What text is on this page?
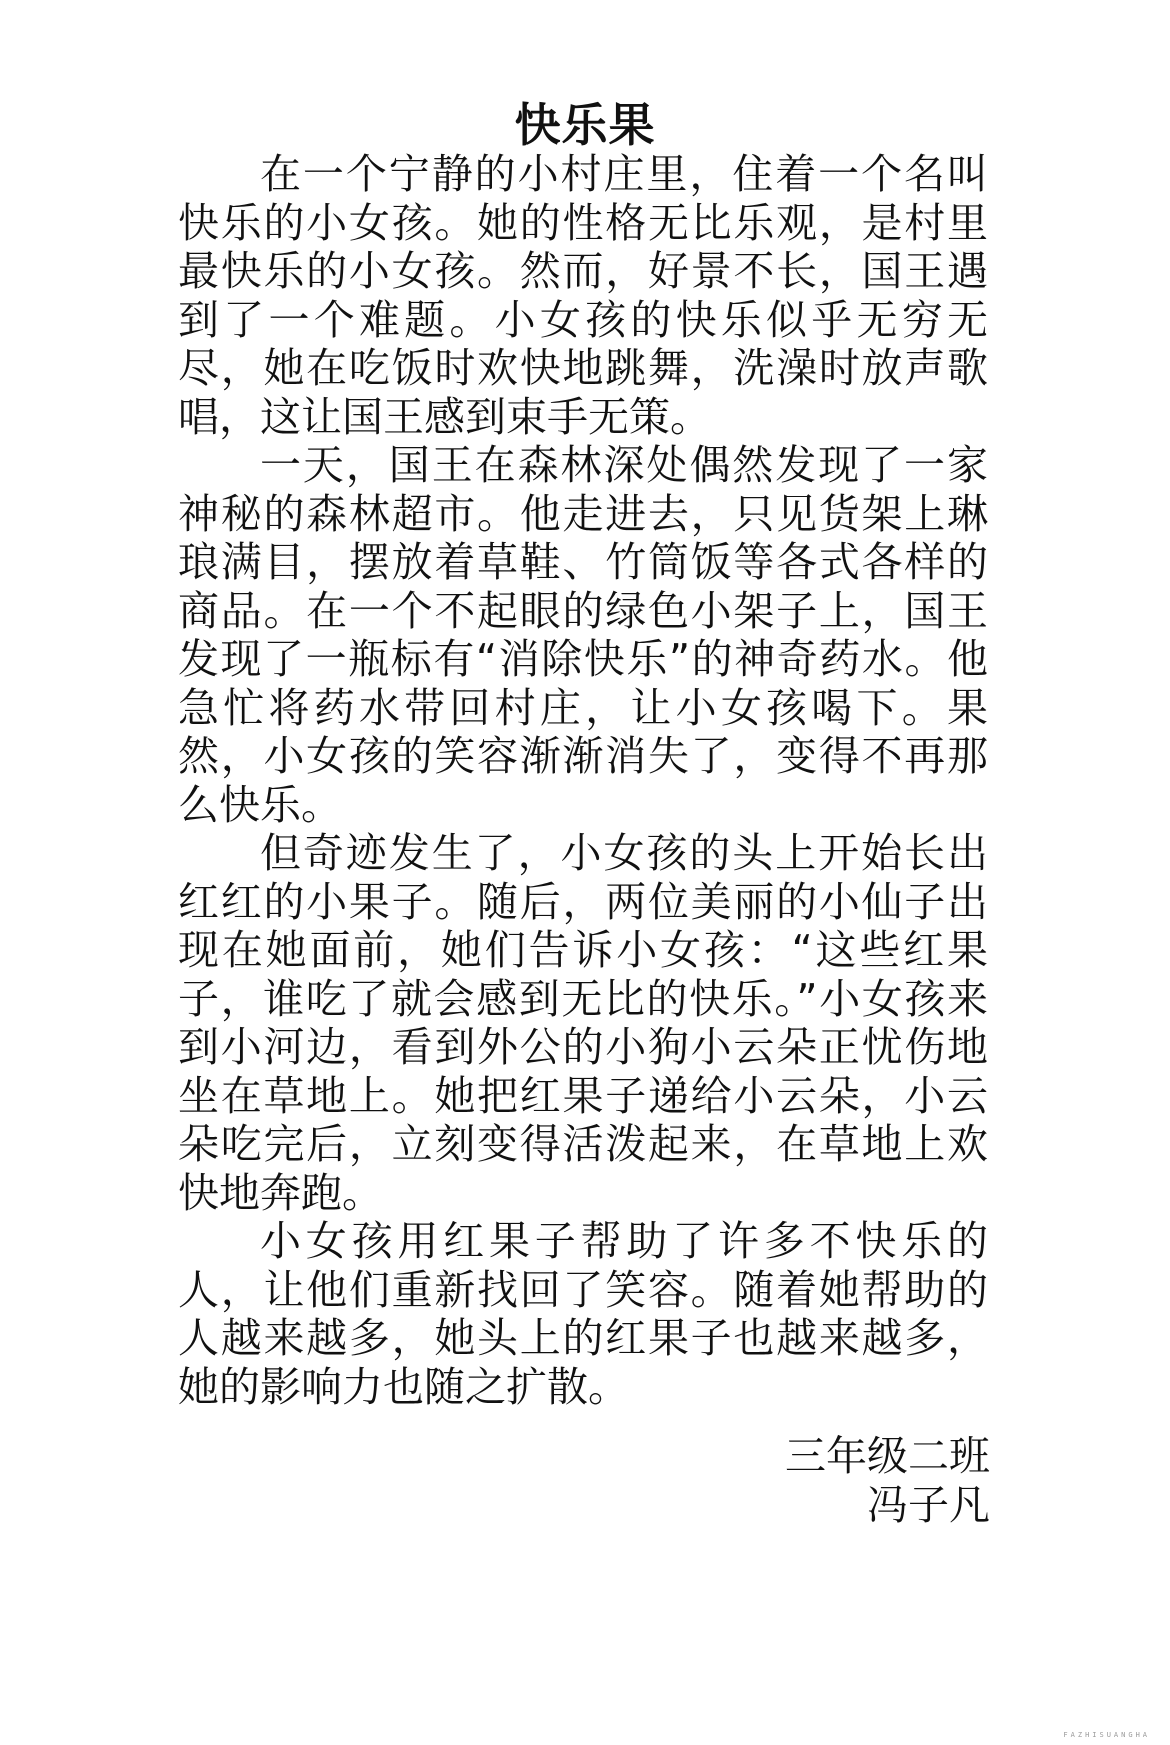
快乐果

在一个宁静的小村庄里，住着一个名叫快乐的小女孩。她的性格无比乐观，是村里最快乐的小女孩。然而，好景不长，国王遇到了一个难题。小女孩的快乐似乎无穷无尽，她在吃饭时欢快地跳舞，洗澡时放声歌唱，这让国王感到束手无策。

一天，国王在森林深处偶然发现了一家神秘的森林超市。他走进去，只见货架上琳琅满目，摆放着草鞋、竹筒饭等各式各样的商品。在一个不起眼的绿色小架子上，国王发现了一瓶标有“消除快乐”的神奇药水。他急忙将药水带回村庄，让小女孩喝下。果然，小女孩的笑容渐渐消失了，变得不再那么快乐。

但奇迹发生了，小女孩的头上开始长出红红的小果子。随后，两位美丽的小仙子出现在她面前，她们告诉小女孩：“这些红果子，谁吃了就会感到无比的快乐。”小女孩来到小河边，看到外公的小狗小云朵正忧伤地坐在草地上。她把红果子递给小云朵，小云朵吃完后，立刻变得活泼起来，在草地上欢快地奔跑。

小女孩用红果子帮助了许多不快乐的人，让他们重新找回了笑容。随着她帮助的人越来越多，她头上的红果子也越来越多，她的影响力也随之扩散。

三年级二班
冯子凡
FAZHISUANGHA
